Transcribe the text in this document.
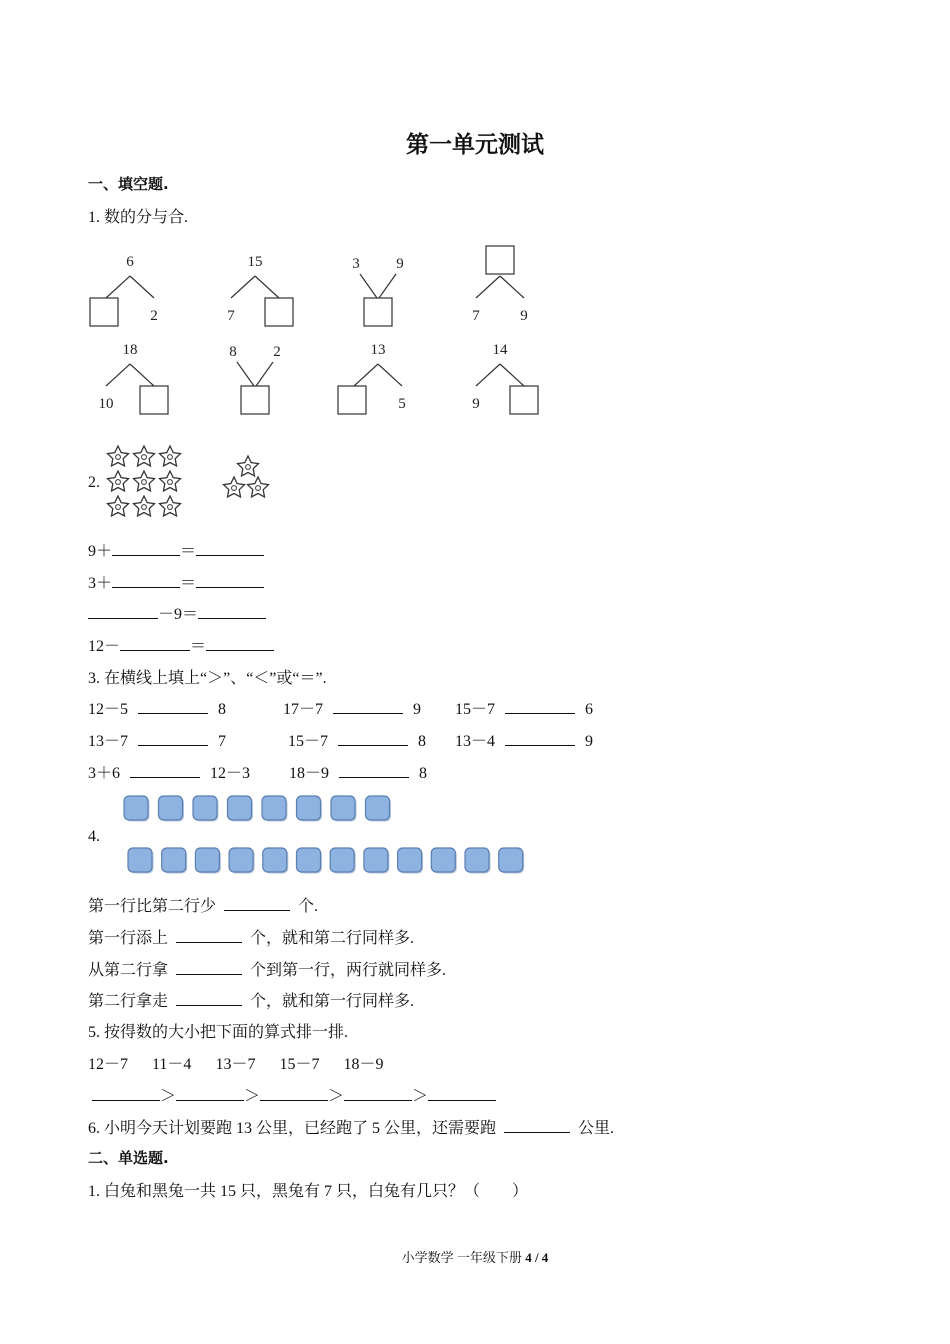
第一单元测试
一、填空题.
1. 数的分与合.
6
2
15
7
3 9
7	9
18
10
8 2	13
5
14
9
2.
9＋	＝
3＋	＝
－9＝
12－	＝
3. 在横线上填上“＞”、“＜”或“＝”.
12－5	8	17－7	9 15－7	6
13－7	7	15－7	8 13－4	9
3＋6	12－3 18－9	8
4.
第一行比第二行少	个.
第一行添上	个，就和第二行同样多.
从第二行拿	个到第一行，两行就同样多.
第二行拿走	个，就和第一行同样多.
5. 按得数的大小把下面的算式排一排.
12－7 11－4 13－7 15－7 18－9
＞	＞	＞	＞
6. 小明今天计划要跑 13 公里，已经跑了 5 公里，还需要跑	公里.
二、单选题.
1. 白兔和黑兔一共 15 只，黑兔有 7 只，白兔有几只？（　　）
小学数学 一年级下册 4 / 4
